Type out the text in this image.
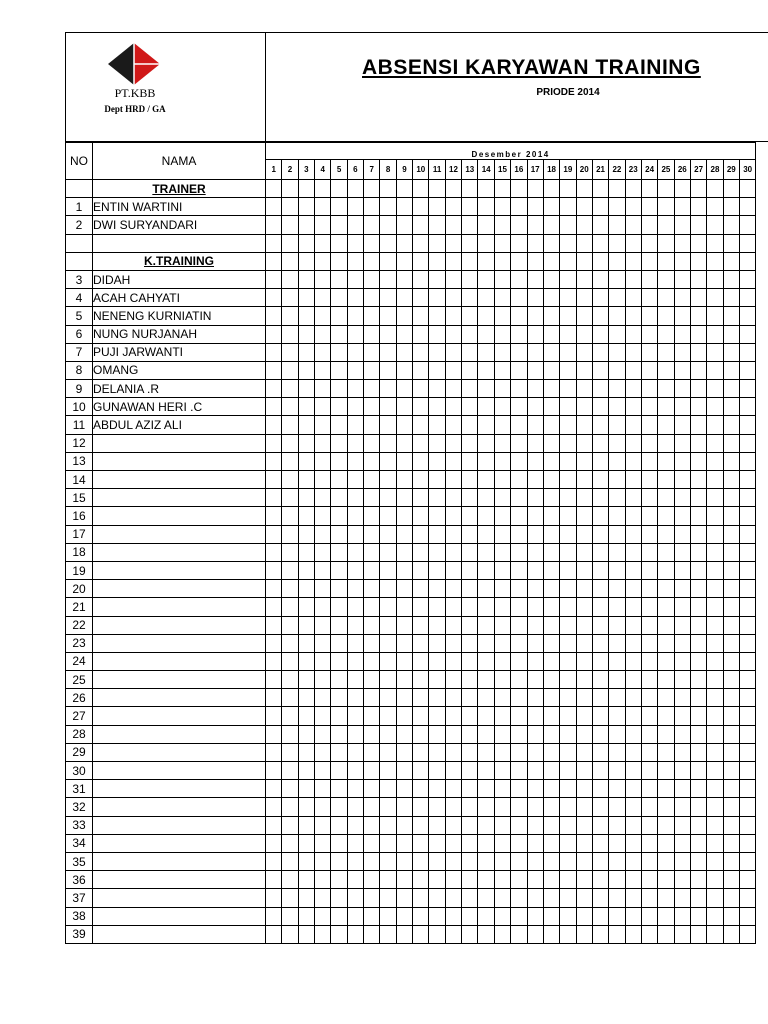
PT.KBB
Dept HRD / GA
ABSENSI KARYAWAN TRAINING
PRIODE 2014
NO	NAMA	Desember 2014																													
		1	2	3	4	5	6	7	8	9	10	11	12	13	14	15	16	17	18	19	20	21	22	23	24	25	26	27	28	29	30
	TRAINER																														
1	ENTIN WARTINI																														
2	DWI SURYANDARI																														

	K.TRAINING																														
3	DIDAH																														
4	ACAH CAHYATI																														
5	NENENG KURNIATIN																														
6	NUNG NURJANAH																														
7	PUJI JARWANTI																														
8	OMANG																														
9	DELANIA .R																														
10	GUNAWAN HERI .C																														
11	ABDUL AZIZ ALI																														
12																															
13																															
14																															
15																															
16																															
17																															
18																															
19																															
20																															
21																															
22																															
23																															
24																															
25																															
26																															
27																															
28																															
29																															
30																															
31																															
32																															
33																															
34																															
35																															
36																															
37																															
38																															
39																															
